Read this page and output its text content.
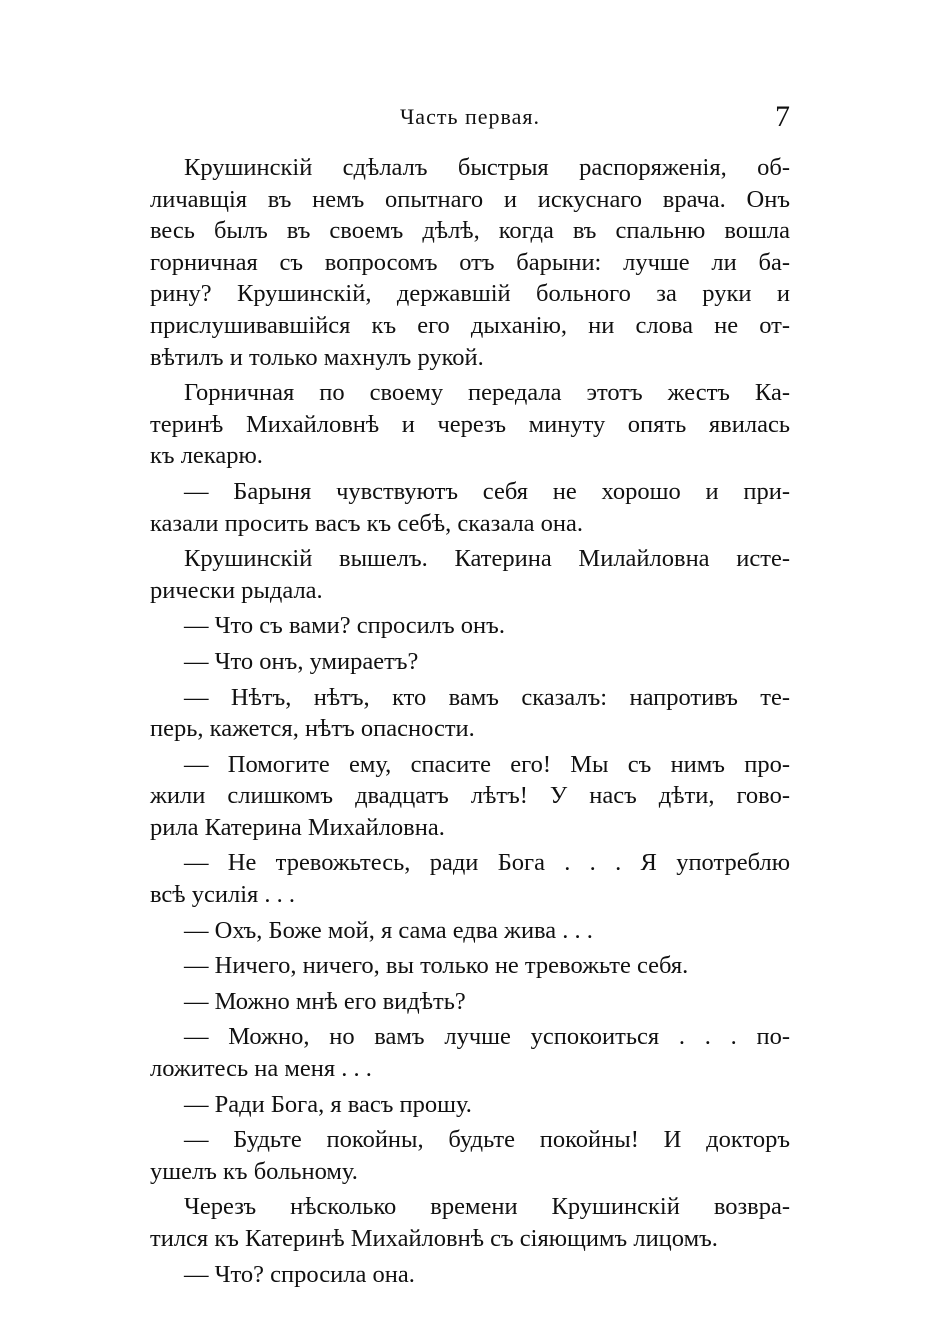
Часть первая.	7
Крушинскій сдѣлалъ быстрыя распоряженія, об-
личавщія въ немъ опытнаго и искуснаго врача. Онъ
весь былъ въ своемъ дѣлѣ, когда въ спальню вошла
горничная съ вопросомъ отъ барыни: лучше ли ба-
рину? Крушинскій, державшій больного за руки и
прислушивавшійся къ его дыханію, ни слова не от-
вѣтилъ и только махнулъ рукой.
Горничная по своему передала этотъ жестъ Ка-
теринѣ Михайловнѣ и черезъ минуту опять явилась
къ лекарю.
— Барыня чувствуютъ себя не хорошо и при-
казали просить васъ къ себѣ, сказала она.
Крушинскій вышелъ. Катерина Милайловна исте-
рически рыдала.
— Что съ вами? спросилъ онъ.
— Что онъ, умираетъ?
— Нѣтъ, нѣтъ, кто вамъ сказалъ: напротивъ те-
перь, кажется, нѣтъ опасности.
— Помогите ему, спасите его! Мы съ нимъ про-
жили слишкомъ двадцатъ лѣтъ! У насъ дѣти, гово-
рила Катерина Михайловна.
— Не тревожьтесь, ради Бога . . . Я употреблю
всѣ усилія . . .
— Охъ, Боже мой, я сама едва жива . . .
— Ничего, ничего, вы только не тревожьте себя.
— Можно мнѣ его видѣть?
— Можно, но вамъ лучше успокоиться . . . по-
ложитесь на меня . . .
— Ради Бога, я васъ прошу.
— Будьте покойны, будьте покойны! И докторъ
ушелъ къ больному.
Черезъ нѣсколько времени Крушинскій возвра-
тился къ Катеринѣ Михайловнѣ съ сіяющимъ лицомъ.
— Что? спросила она.
